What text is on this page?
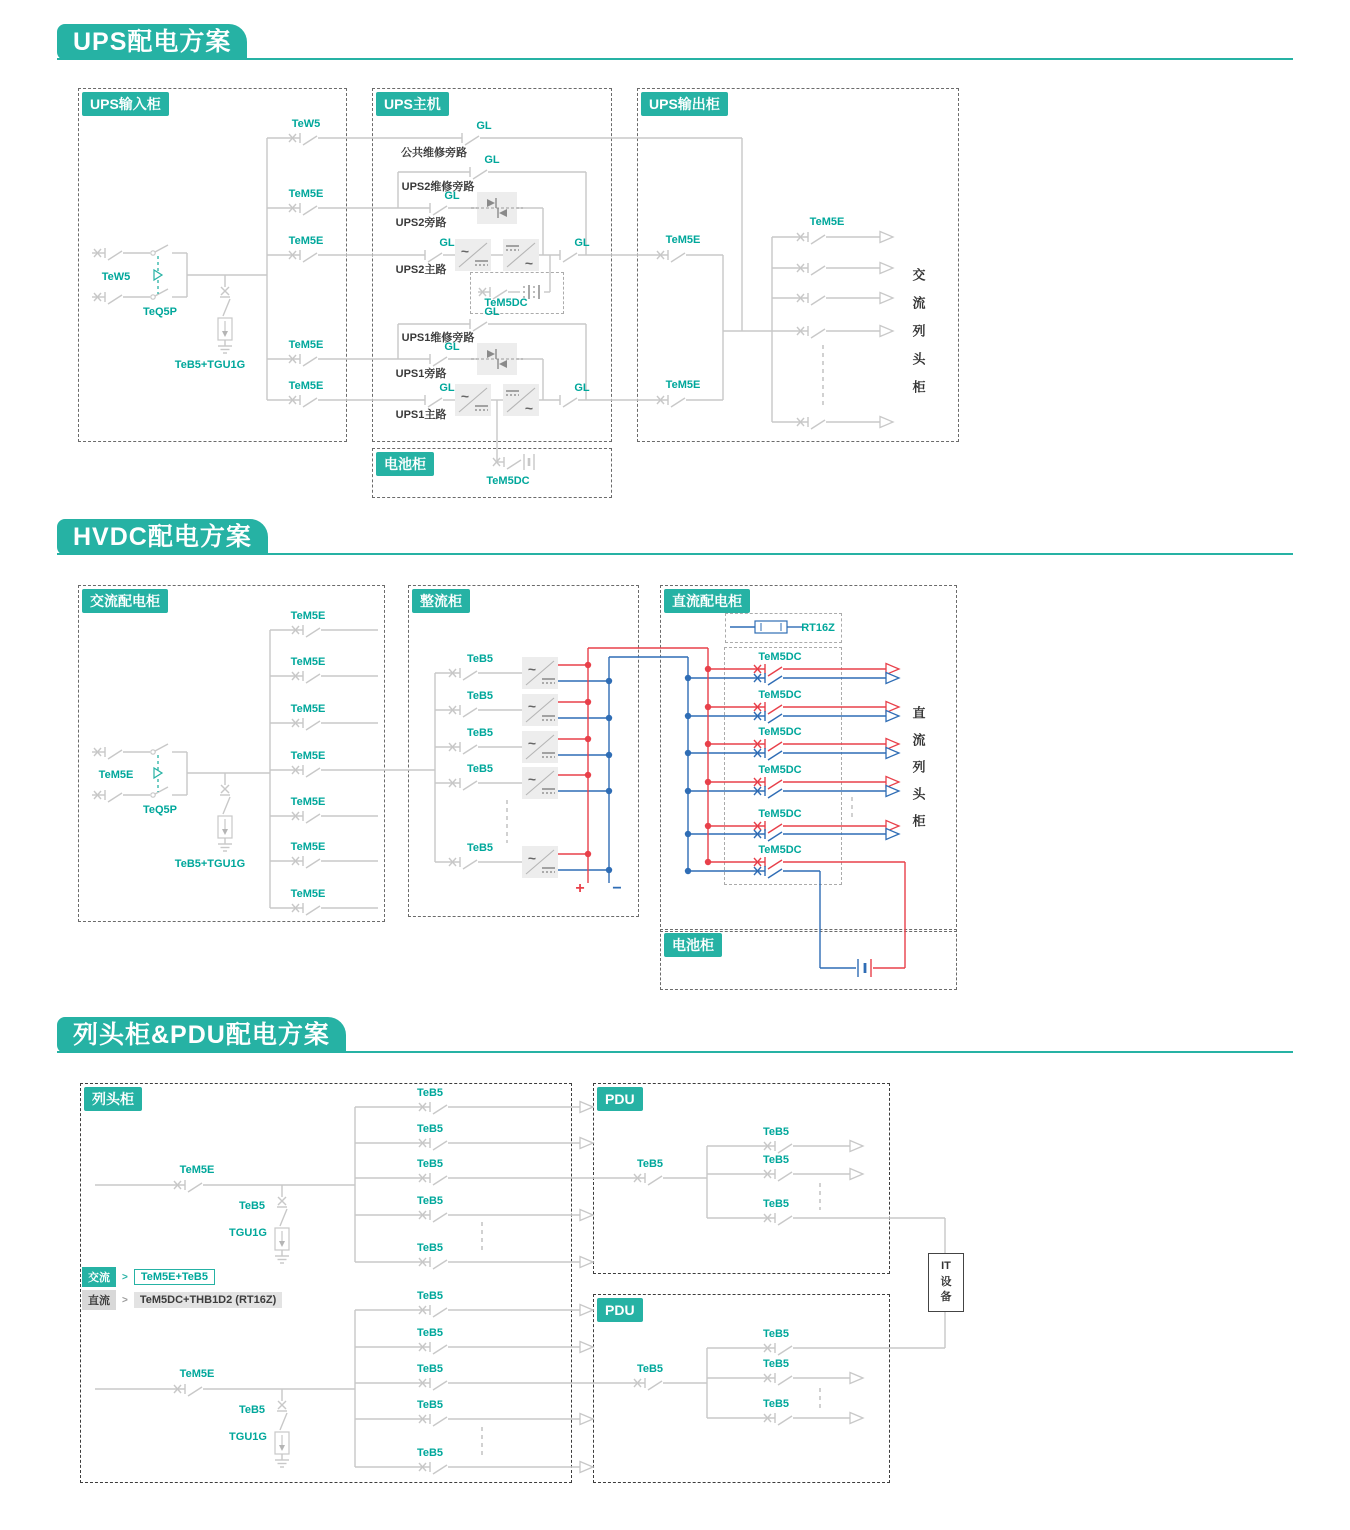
UPS配电方案
HVDC配电方案
列头柜&PDU配电方案
~
~
~
~
~
~
~
~
~
UPS输入柜	UPS主机	UPS输出柜
电池柜
交流配电柜	整流柜	直流配电柜
电池柜
列头柜	PDU
PDU
交流	>	TeM5E+TeB5
直流	>	TeM5DC+THB1D2 (RT16Z)
IT
设
备
TeW5
TeQ5P
TeB5+TGU1G
TeW5
TeM5E
TeM5E
TeM5E
TeM5E
GL
公共维修旁路
GL
UPS2维修旁路
GL
UPS2旁路
GL
UPS2主路
GL
TeM5DC
GL
UPS1维修旁路
GL
UPS1旁路
GL
UPS1主路
GL
TeM5DC
TeM5E
TeM5E
TeM5E
交
流
列
头
柜
TeM5E
TeQ5P
TeB5+TGU1G
TeM5E
TeM5E
TeM5E
TeM5E
TeM5E
TeM5E
TeM5E
TeB5
TeB5
TeB5
TeB5
TeB5
+ −
RT16Z
TeM5DC
TeM5DC
TeM5DC
TeM5DC
TeM5DC
TeM5DC
直
流
列
头
柜
TeM5E
TeB5
TGU1G
TeB5
TeB5
TeB5
TeB5
TeB5
TeM5E
TeB5
TGU1G
TeB5
TeB5
TeB5
TeB5
TeB5
TeB5
TeB5
TeB5
TeB5
TeB5
TeB5
TeB5
TeB5
